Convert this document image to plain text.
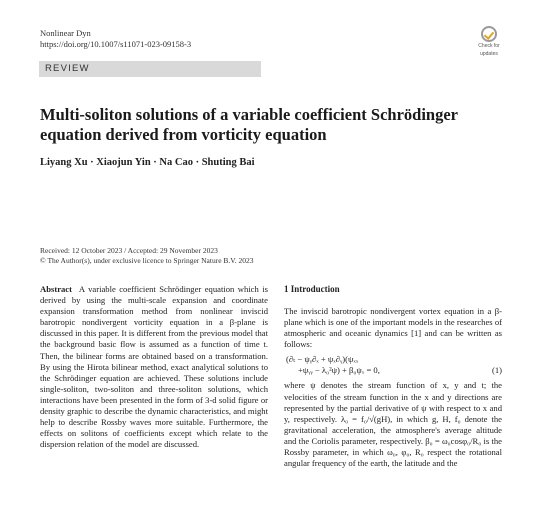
Nonlinear Dyn
https://doi.org/10.1007/s11071-023-09158-3	Check for
updates
REVIEW
Multi-soliton solutions of a variable coefficient Schrödinger
equation derived from vorticity equation
Liyang Xu · Xiaojun Yin · Na Cao · Shuting Bai
Received: 12 October 2023 / Accepted: 29 November 2023
© The Author(s), under exclusive licence to Springer Nature B.V. 2023

Abstract A variable coefficient Schrödinger equation which is derived by using the multi-scale expansion and coordinate expansion transformation method from nonlinear inviscid barotropic nondivergent vorticity equation in a β-plane is discussed in this paper. It is different from the previous model that the background basic flow is assumed as a function of time t. Then, the bilinear forms are obtained based on a transformation. By using the Hirota bilinear method, exact analytical solutions to the Schrödinger equation are achieved. These solutions include single-soliton, two-soliton and three-soliton solutions, which interactions have been presented in the form of 3-d solid figure or density graphic to describe the dynamic characteristics, and might help to describe Rossby waves more suitable. Furthermore, the effects on solitons of coefficients except which relate to the dispersion relation of the model are discussed.

1 Introduction

The inviscid barotropic nondivergent vortex equation in a β-plane which is one of the important models in the researches of atmospheric and oceanic dynamics [1] and can be written as follows:

(∂ₜ − ψᵧ∂ₓ + ψₓ∂ᵧ)(ψₓₓ
+ψᵧᵧ − λ₀²ψ) + β₀ψₓ = 0,	(1)

where ψ denotes the stream function of x, y and t; the velocities of the stream function in the x and y directions are represented by the partial derivative of ψ with respect to x and y, respectively. λ₀ = f₀/√(gH), in which g, H, f₀ denote the gravitational acceleration, the atmosphere's average altitude and the Coriolis parameter, respectively. β₀ = ω₀cosφ₀/R₀ is the Rossby parameter, in which ω₀, φ₀, R₀ respect the rotational angular frequency of the earth, the latitude and the
